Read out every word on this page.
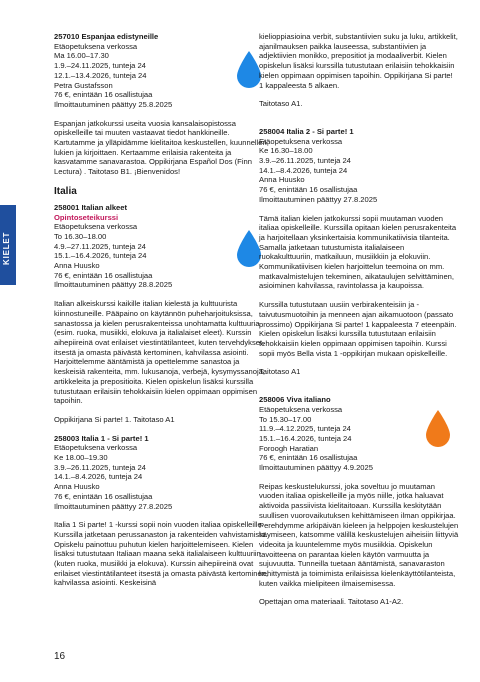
KIELET
257010 Espanjaa edistyneille
Etäopetuksena verkossa
Ma 16.00–17.30
1.9.–24.11.2025, tunteja 24
12.1.–13.4.2026, tunteja 24
Petra Gustafsson
76 €, enintään 16 osallistujaa
Ilmoittautuminen päättyy 25.8.2025

Espanjan jatkokurssi useita vuosia kansalaisopistossa opiskelleille tai muuten vastaavat tiedot hankkineille. Kartutamme ja ylläpidämme kielitaitoa keskustellen, kuunnellen, lukien ja kirjoittaen. Kertaamme erilaisia rakenteita ja kasvatamme sanavarastoa. Oppikirjana Español Dos (Finn Lectura) . Taitotaso B1. ¡Bienvenidos!

Italia
258001 Italian alkeet
Opintoseteikurssi
Etäopetuksena verkossa
To 16.30–18.00
4.9.–27.11.2025, tunteja 24
15.1.–16.4.2026, tunteja 24
Anna Huusko
76 €, enintään 16 osallistujaa
Ilmoittautuminen päättyy 28.8.2025

Italian alkeiskurssi kaikille italian kielestä ja kulttuurista kiinnostuneille. Pääpaino on käytännön puheharjoituksissa, sanastossa ja kielen perusrakenteissa unohtamatta kulttuuria (esim. ruoka, musiikki, elokuva ja italialaiset eleet). Kurssin aihepiireinä ovat erilaiset viestintätilanteet, kuten tervehdykset, itsestä ja omasta päivästä kertominen, kahvilassa asiointi. Harjoittelemme ääntämistä ja opettelemme sanastoa ja keskeisiä rakenteita, mm. lukusanoja, verbejä, kysymyssanoja, artikkeleita ja prepositioita. Kielen opiskelun lisäksi kurssilla tutustutaan erilaisiin tehokkaisiin kielen oppimaan oppimisen tapoihin.

Oppikirjana Si parte! 1. Taitotaso A1

258003 Italia 1 - Si parte! 1
Etäopetuksena verkossa
Ke 18.00–19.30
3.9.–26.11.2025, tunteja 24
14.1.–8.4.2026, tunteja 24
Anna Huusko
76 €, enintään 16 osallistujaa
Ilmoittautuminen päättyy 27.8.2025

Italia 1 Si parte! 1 -kurssi sopii noin vuoden italiaa opiskelleille. Kurssilla jatketaan perussanaston ja rakenteiden vahvistamista. Opiskelu painottuu puhutun kielen harjoittelemiseen. Kielen lisäksi tutustutaan Italiaan maana sekä italialaiseen kulttuuriin (kuten ruoka, musiikki ja elokuva). Kurssin aihepiireinä ovat erilaiset viestintätilanteet itsestä ja omasta päivästä kertominen, kahvilassa asiointi. Keskeisinä

kielioppiasioina verbit, substantiivien suku ja luku, artikkelit, ajanilmauksen paikka lauseessa, substantiivien ja adjektiivien monikko, prepositiot ja modaaliverbit. Kielen opiskelun lisäksi kurssilla tutustutaan erilaisiin tehokkaisiin kielen oppimaan oppimisen tapoihin. Oppikirjana Si parte! 1 kappaleesta 5 alkaen.

Taitotaso A1.

258004 Italia 2 - Si parte! 1
Etäopetuksena verkossa
Ke 16.30–18.00
3.9.–26.11.2025, tunteja 24
14.1.–8.4.2026, tunteja 24
Anna Huusko
76 €, enintään 16 osallistujaa
Ilmoittautuminen päättyy 27.8.2025

Tämä italian kielen jatkokurssi sopii muutaman vuoden italiaa opiskelleille. Kurssilla opitaan kielen perusrakenteita ja harjoitellaan yksinkertaisia kommunikatiivisia tilanteita. Samalla jatketaan tutustumista italialaiseen ruokakulttuuriin, matkailuun, musiikkiin ja elokuviin. Kommunikatiivisen kielen harjoittelun teemoina on mm. matkavalmistelujen tekeminen, aikataulujen selvittäminen, asioiminen kahvilassa, ravintolassa ja kaupoissa.

Kurssilla tutustutaan uusiin verbirakenteisiin ja -taivutusmuotoihin ja menneen ajan aikamuotoon (passato prossimo) Oppikirjana Si parte! 1 kappaleesta 7 eteenpäin. Kielen opiskelun lisäksi kurssilla tutustutaan erilaisiin tehokkaisiin kielen oppimaan oppimisen tapoihin. Kurssi sopii myös Bella vista 1 -oppikirjan mukaan opiskelleille.

Taitotaso A1

258006 Viva italiano
Etäopetuksena verkossa
To 15.30–17.00
11.9.–4.12.2025, tunteja 24
15.1.–16.4.2026, tunteja 24
Foroogh Haratian
76 €, enintään 16 osallistujaa
Ilmoittautuminen päättyy 4.9.2025

Reipas keskustelukurssi, joka soveltuu jo muutaman vuoden italiaa opiskelleille ja myös niille, jotka haluavat aktivoida passiivista kielitaitoaan. Kurssilla keskitytään suullisen vuorovaikutuksen kehittämiseen ilman oppikirjaa. Perehdymme arkipäivän kieleen ja helppojen keskustelujen käymiseen, katsomme välillä keskustelujen aiheisiin liittyviä videoita ja kuuntelemme myös musiikkia. Opiskelun tavoitteena on parantaa kielen käytön varmuutta ja sujuvuutta. Tunneilla tuetaan ääntämistä, sanavaraston kehittymistä ja toimimista erilaisissa kielenkäyttötilanteista, kuten vaikka mielipiteen ilmaisemisessa.

Opettajan oma materiaali. Taitotaso A1-A2.

16
